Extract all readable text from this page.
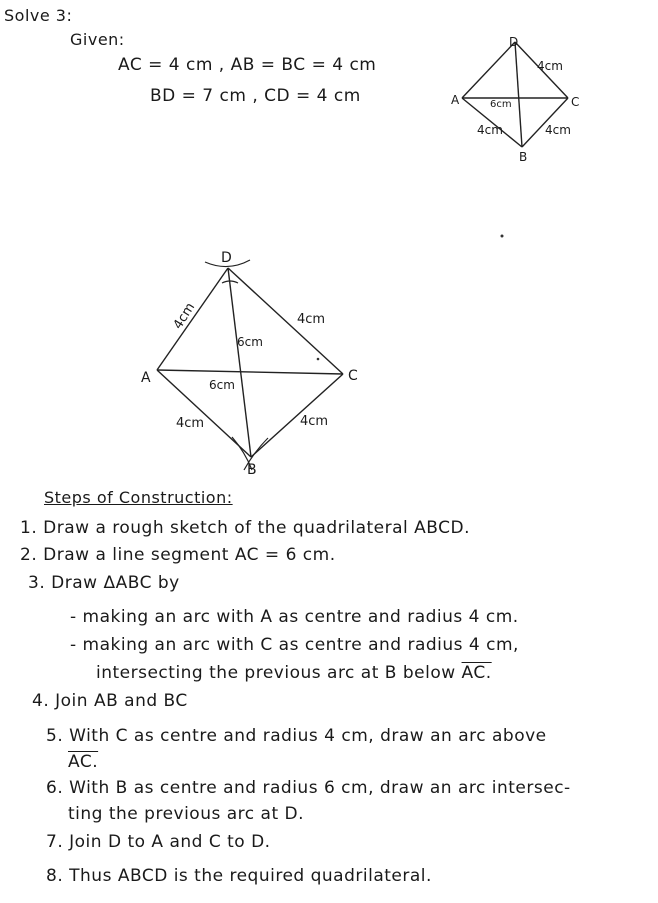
Solve 3:
Given:
AC = 4 cm , AB = BC = 4 cm
BD = 7 cm , CD = 4 cm
D
A	C
B
4cm
6cm
4cm	4cm
D
A	C
B
4cm	4cm
6cm
6cm
4cm	4cm
Steps of Construction:
1. Draw a rough sketch of the quadrilateral ABCD.
2. Draw a line segment AC = 6 cm.
3. Draw ΔABC by
- making an arc with A as centre and radius 4 cm.
- making an arc with C as centre and radius 4 cm,
intersecting the previous arc at B below AC.
4. Join AB and BC
5. With C as centre and radius 4 cm, draw an arc above
AC.
6. With B as centre and radius 6 cm, draw an arc intersec-
ting the previous arc at D.
7. Join D to A and C to D.
8. Thus ABCD is the required quadrilateral.
